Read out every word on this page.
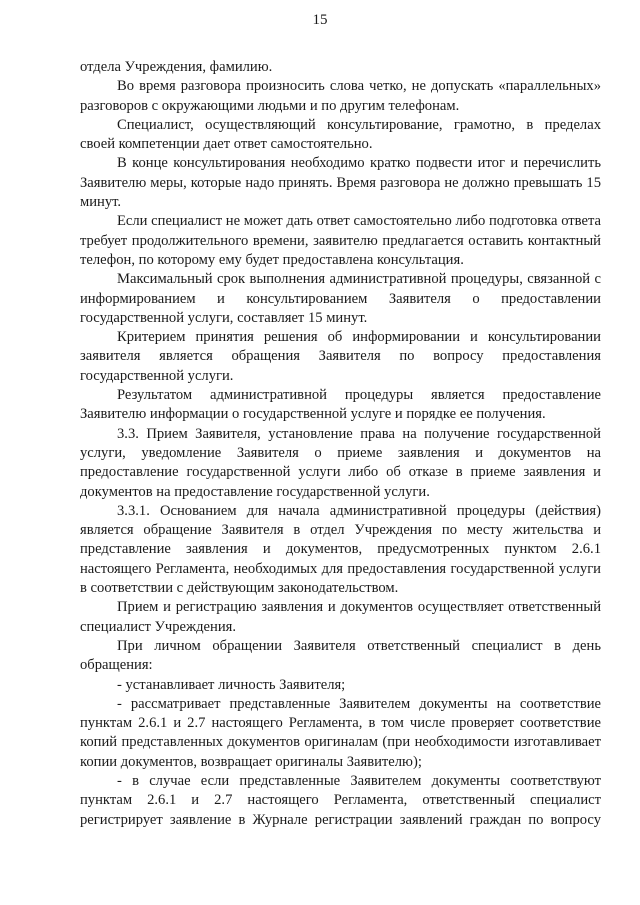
15

отдела Учреждения, фамилию.

Во время разговора произносить слова четко, не допускать «параллельных» разговоров с окружающими людьми и по другим телефонам.

Специалист, осуществляющий консультирование, грамотно, в пределах своей компетенции дает ответ самостоятельно.

В конце консультирования необходимо кратко подвести итог и перечислить Заявителю меры, которые надо принять. Время разговора не должно превышать 15 минут.

Если специалист не может дать ответ самостоятельно либо подготовка ответа требует продолжительного времени, заявителю предлагается оставить контактный телефон, по которому ему будет предоставлена консультация.

Максимальный срок выполнения административной процедуры, связанной с информированием и консультированием Заявителя о предоставлении государственной услуги, составляет 15 минут.

Критерием принятия решения об информировании и консультировании заявителя является обращения Заявителя по вопросу предоставления государственной услуги.

Результатом административной процедуры является предоставление Заявителю информации о государственной услуге и порядке ее получения.

3.3. Прием Заявителя, установление права на получение государственной услуги, уведомление Заявителя о приеме заявления и документов на предоставление государственной услуги либо об отказе в приеме заявления и документов на предоставление государственной услуги.

3.3.1. Основанием для начала административной процедуры (действия) является обращение Заявителя в отдел Учреждения по месту жительства и представление заявления и документов, предусмотренных пунктом 2.6.1 настоящего Регламента, необходимых для предоставления государственной услуги в соответствии с действующим законодательством.

Прием и регистрацию заявления и документов осуществляет ответственный специалист Учреждения.

При личном обращении Заявителя ответственный специалист в день обращения:

- устанавливает личность Заявителя;

- рассматривает представленные Заявителем документы на соответствие пунктам 2.6.1 и 2.7 настоящего Регламента, в том числе проверяет соответствие копий представленных документов оригиналам (при необходимости изготавливает копии документов, возвращает оригиналы Заявителю);

- в случае если представленные Заявителем документы соответствуют пунктам 2.6.1 и 2.7 настоящего Регламента, ответственный специалист регистрирует заявление в Журнале регистрации заявлений граждан по вопросу
